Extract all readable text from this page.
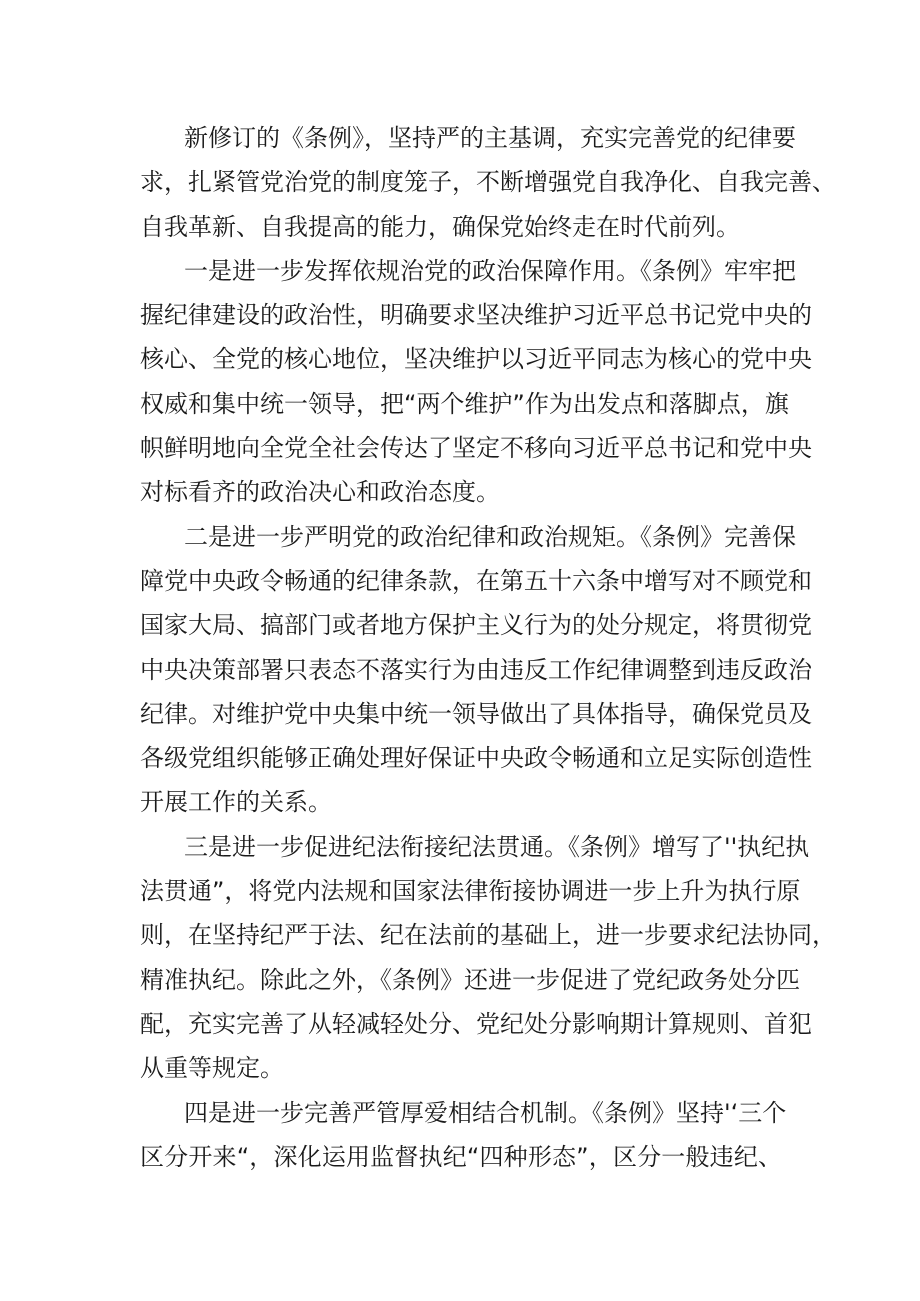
新修订的《条例》，坚持严的主基调，充实完善党的纪律要
求，扎紧管党治党的制度笼子，不断增强党自我净化、自我完善、
自我革新、自我提高的能力，确保党始终走在时代前列。
一是进一步发挥依规治党的政治保障作用。《条例》牢牢把
握纪律建设的政治性，明确要求坚决维护习近平总书记党中央的
核心、全党的核心地位，坚决维护以习近平同志为核心的党中央
权威和集中统一领导，把“两个维护”作为出发点和落脚点，旗
帜鲜明地向全党全社会传达了坚定不移向习近平总书记和党中央
对标看齐的政治决心和政治态度。
二是进一步严明党的政治纪律和政治规矩。《条例》完善保
障党中央政令畅通的纪律条款，在第五十六条中增写对不顾党和
国家大局、搞部门或者地方保护主义行为的处分规定，将贯彻党
中央决策部署只表态不落实行为由违反工作纪律调整到违反政治
纪律。对维护党中央集中统一领导做出了具体指导，确保党员及
各级党组织能够正确处理好保证中央政令畅通和立足实际创造性
开展工作的关系。
三是进一步促进纪法衔接纪法贯通。《条例》增写了''执纪执
法贯通”，将党内法规和国家法律衔接协调进一步上升为执行原
则，在坚持纪严于法、纪在法前的基础上，进一步要求纪法协同，
精准执纪。除此之外，《条例》还进一步促进了党纪政务处分匹
配，充实完善了从轻减轻处分、党纪处分影响期计算规则、首犯
从重等规定。
四是进一步完善严管厚爱相结合机制。《条例》坚持'‘三个
区分开来“，深化运用监督执纪“四种形态”，区分一般违纪、
